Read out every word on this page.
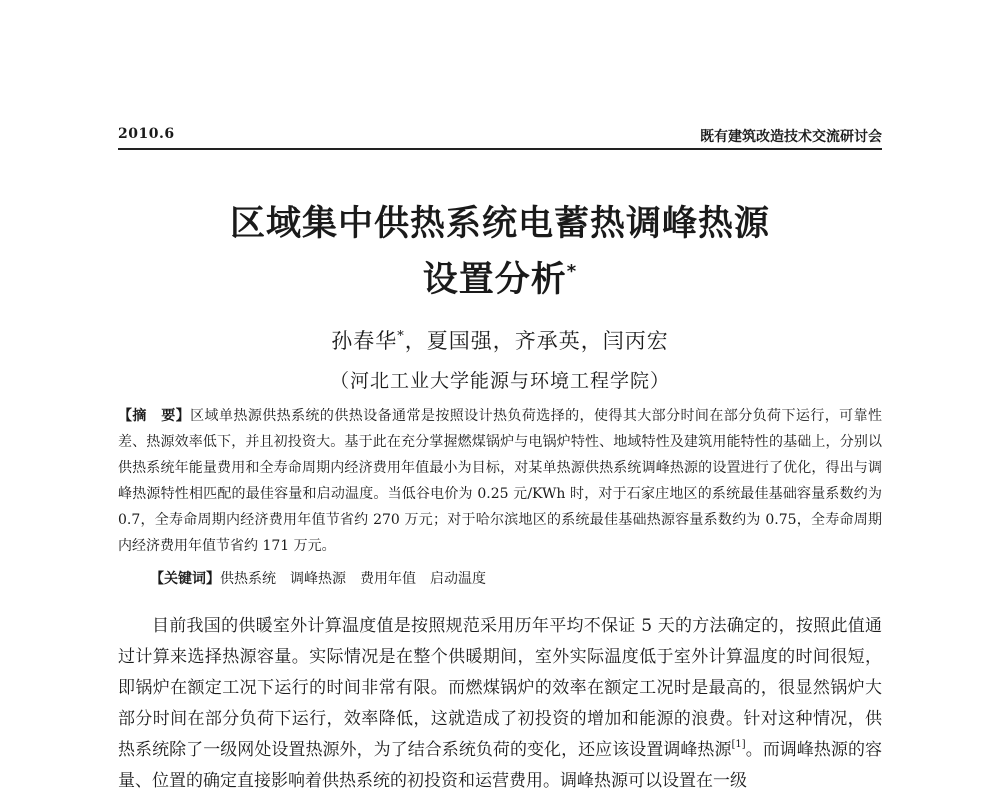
2010.6	既有建筑改造技术交流研讨会
区域集中供热系统电蓄热调峰热源
设置分析*
孙春华*，夏国强，齐承英，闫丙宏
（河北工业大学能源与环境工程学院）
【摘　要】区域单热源供热系统的供热设备通常是按照设计热负荷选择的，使得其大部分时间在部分负荷下运行，可靠性差、热源效率低下，并且初投资大。基于此在充分掌握燃煤锅炉与电锅炉特性、地域特性及建筑用能特性的基础上，分别以供热系统年能量费用和全寿命周期内经济费用年值最小为目标，对某单热源供热系统调峰热源的设置进行了优化，得出与调峰热源特性相匹配的最佳容量和启动温度。当低谷电价为 0.25 元/KWh 时，对于石家庄地区的系统最佳基础容量系数约为 0.7，全寿命周期内经济费用年值节省约 270 万元；对于哈尔滨地区的系统最佳基础热源容量系数约为 0.75，全寿命周期内经济费用年值节省约 171 万元。
【关键词】供热系统 调峰热源 费用年值 启动温度
目前我国的供暖室外计算温度值是按照规范采用历年平均不保证 5 天的方法确定的，按照此值通过计算来选择热源容量。实际情况是在整个供暖期间，室外实际温度低于室外计算温度的时间很短，即锅炉在额定工况下运行的时间非常有限。而燃煤锅炉的效率在额定工况时是最高的，很显然锅炉大部分时间在部分负荷下运行，效率降低，这就造成了初投资的增加和能源的浪费。针对这种情况，供热系统除了一级网处设置热源外，为了结合系统负荷的变化，还应该设置调峰热源[1]。而调峰热源的容量、位置的确定直接影响着供热系统的初投资和运营费用。调峰热源可以设置在一级
